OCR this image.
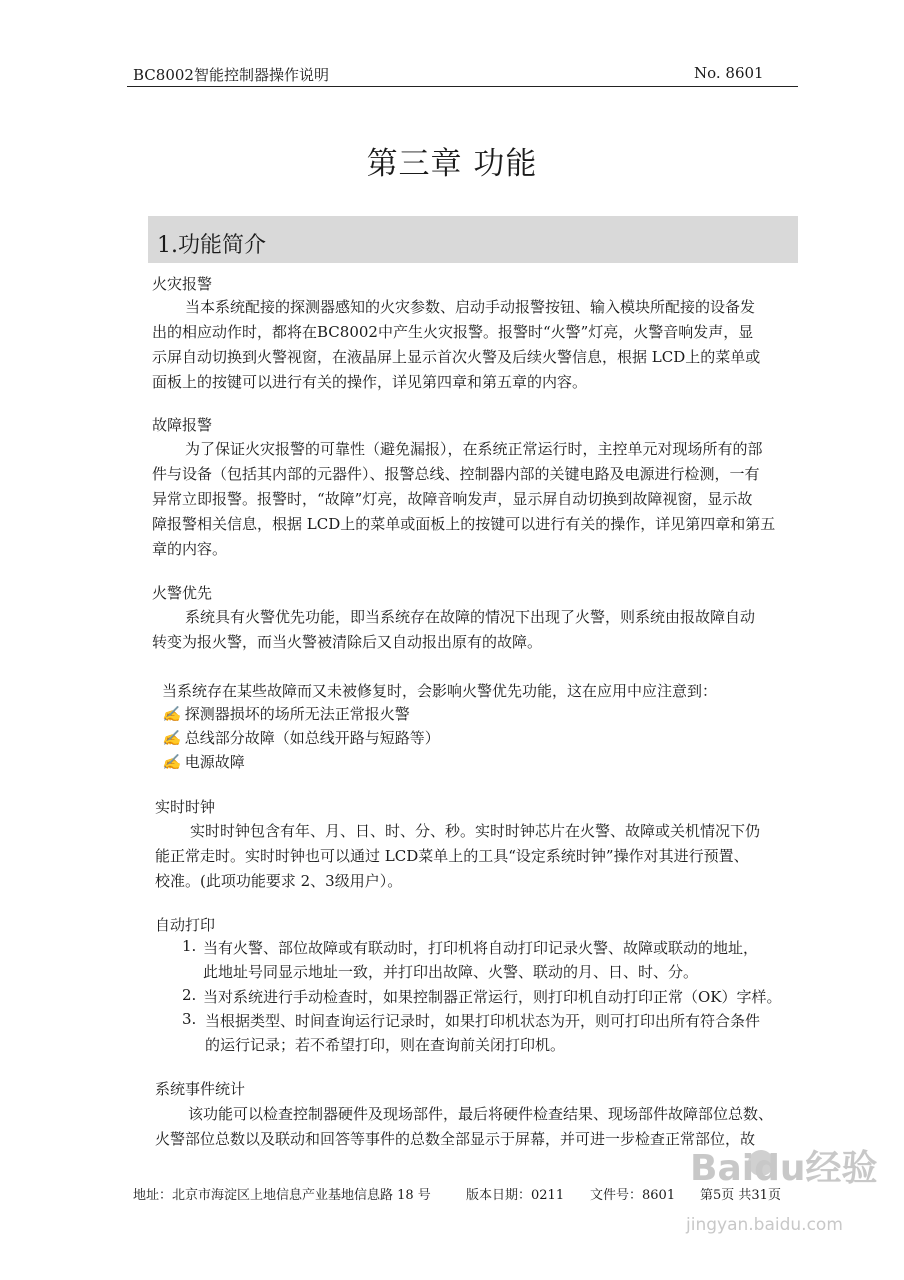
BC8002智能控制器操作说明	No. 8601
第三章 功能
1.功能简介
火灾报警
当本系统配接的探测器感知的火灾参数、启动手动报警按钮、输入模块所配接的设备发
出的相应动作时，都将在BC8002中产生火灾报警。报警时“火警”灯亮，火警音响发声，显
示屏自动切换到火警视窗，在液晶屏上显示首次火警及后续火警信息，根据 LCD上的菜单或
面板上的按键可以进行有关的操作，详见第四章和第五章的内容。
故障报警
为了保证火灾报警的可靠性（避免漏报），在系统正常运行时，主控单元对现场所有的部
件与设备（包括其内部的元器件）、报警总线、控制器内部的关键电路及电源进行检测，一有
异常立即报警。报警时，“故障”灯亮，故障音响发声，显示屏自动切换到故障视窗，显示故
障报警相关信息，根据 LCD上的菜单或面板上的按键可以进行有关的操作，详见第四章和第五
章的内容。
火警优先
系统具有火警优先功能，即当系统存在故障的情况下出现了火警，则系统由报故障自动
转变为报火警，而当火警被清除后又自动报出原有的故障。
当系统存在某些故障而又未被修复时，会影响火警优先功能，这在应用中应注意到：
✍ 探测器损坏的场所无法正常报火警
✍ 总线部分故障（如总线开路与短路等）
✍ 电源故障
实时时钟
实时时钟包含有年、月、日、时、分、秒。实时时钟芯片在火警、故障或关机情况下仍
能正常走时。实时时钟也可以通过 LCD菜单上的工具“设定系统时钟”操作对其进行预置、
校准。(此项功能要求 2、3级用户）。
自动打印
1. 当有火警、部位故障或有联动时，打印机将自动打印记录火警、故障或联动的地址，
此地址号同显示地址一致，并打印出故障、火警、联动的月、日、时、分。
2. 当对系统进行手动检查时，如果控制器正常运行，则打印机自动打印正常（OK）字样。
3. 当根据类型、时间查询运行记录时，如果打印机状态为开，则可打印出所有符合条件
的运行记录；若不希望打印，则在查询前关闭打印机。
系统事件统计
该功能可以检查控制器硬件及现场部件，最后将硬件检查结果、现场部件故障部位总数、
火警部位总数以及联动和回答等事件的总数全部显示于屏幕，并可进一步检查正常部位，故
地址：北京市海淀区上地信息产业基地信息路 18 号	版本日期：0211 文件号：8601 第5页 共31页
Baidu经验
jingyan.baidu.com
